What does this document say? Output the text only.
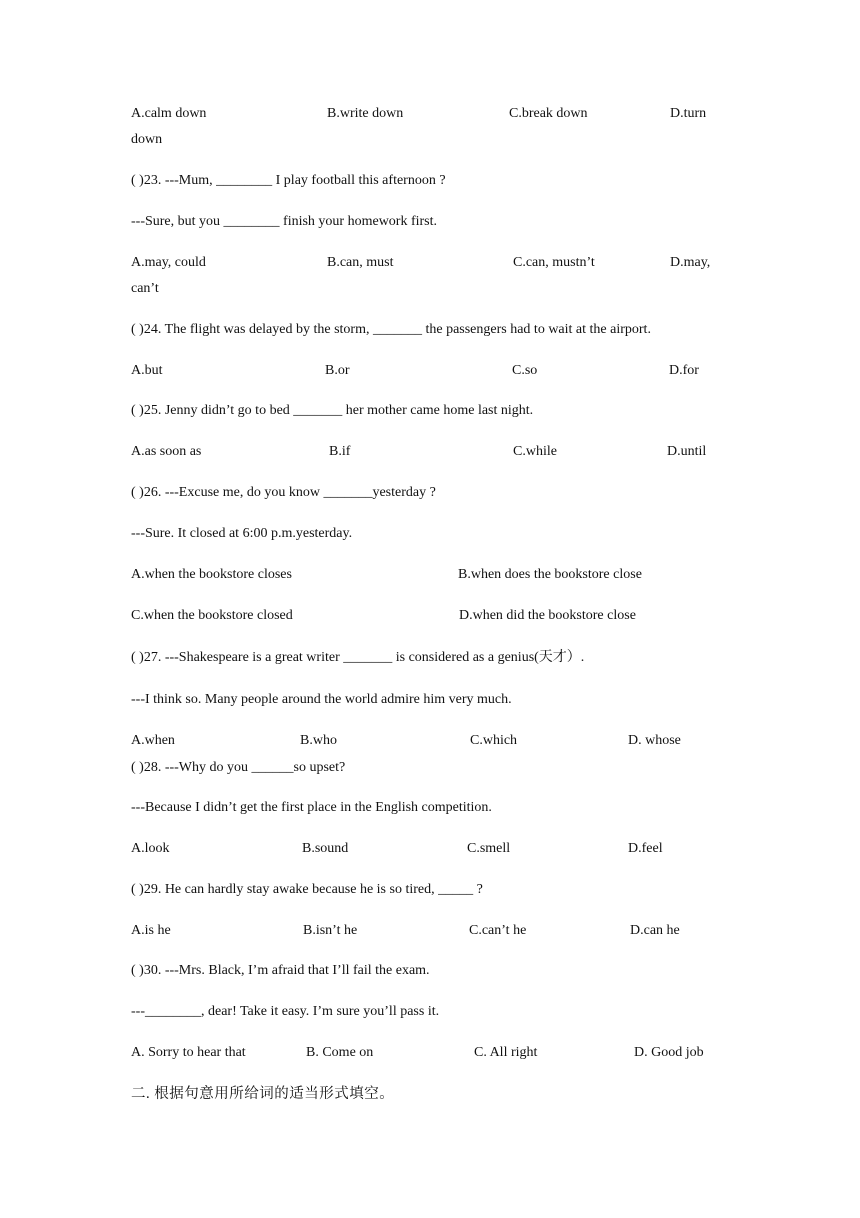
A.calm down	B.write down	C.break down	D.turn
down
( )23. ---Mum, ________ I play football this afternoon ?
---Sure, but you ________ finish your homework first.
A.may, could	B.can, must	C.can, mustn’t	D.may,
can’t
( )24. The flight was delayed by the storm, _______ the passengers had to wait at the airport.
A.but	B.or	C.so	D.for
( )25. Jenny didn’t go to bed _______ her mother came home last night.
A.as soon as	B.if	C.while	D.until
( )26. ---Excuse me, do you know _______yesterday ?
---Sure. It closed at 6:00 p.m.yesterday.
A.when the bookstore closes	B.when does the bookstore close
C.when the bookstore closed	D.when did the bookstore close
( )27. ---Shakespeare is a great writer _______ is considered as a genius(天才）.
---I think so. Many people around the world admire him very much.
A.when	B.who	C.which	D. whose
( )28. ---Why do you ______so upset?
---Because I didn’t get the first place in the English competition.
A.look	B.sound	C.smell	D.feel
( )29. He can hardly stay awake because he is so tired, _____ ?
A.is he	B.isn’t he	C.can’t he	D.can he
( )30. ---Mrs. Black, I’m afraid that I’ll fail the exam.
---________, dear! Take it easy. I’m sure you’ll pass it.
A. Sorry to hear that	B. Come on	C. All right	D. Good job
二. 根据句意用所给词的适当形式填空。
